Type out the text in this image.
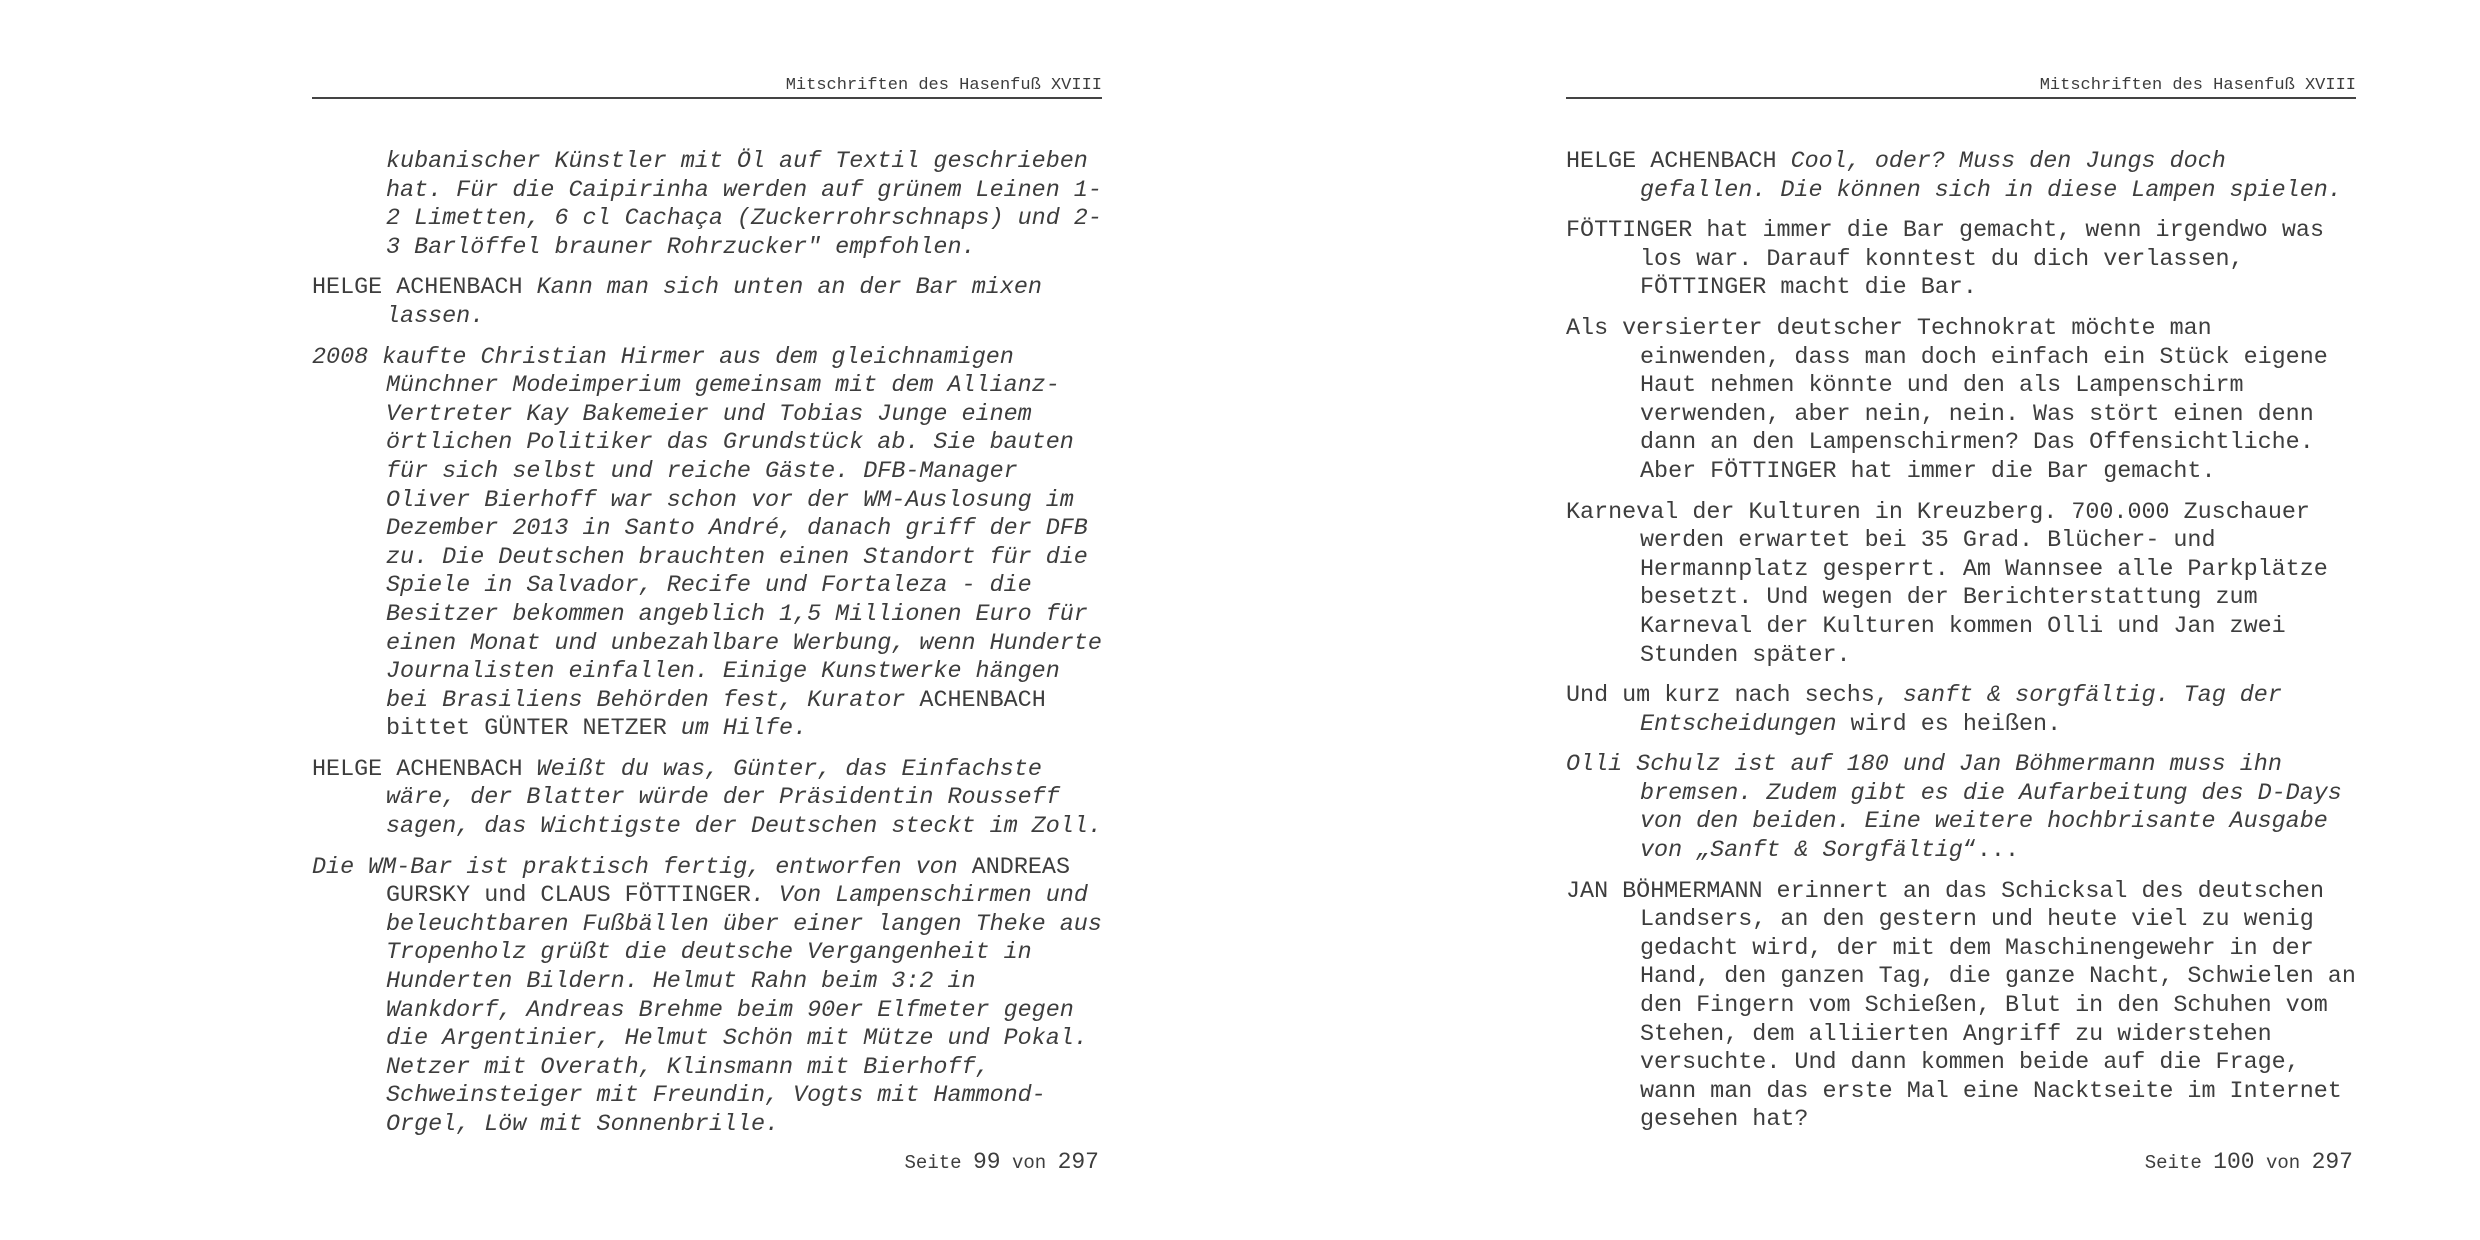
Mitschriften des Hasenfuß XVIII

kubanischer Künstler mit Öl auf Textil geschrieben hat. Für die Caipirinha werden auf grünem Leinen 1-2 Limetten, 6 cl Cachaça (Zuckerrohrschnaps) und 2-3 Barlöffel brauner Rohrzucker" empfohlen.

HELGE ACHENBACH Kann man sich unten an der Bar mixen lassen.

2008 kaufte Christian Hirmer aus dem gleichnamigen Münchner Modeimperium gemeinsam mit dem Allianz- Vertreter Kay Bakemeier und Tobias Junge einem örtlichen Politiker das Grundstück ab. Sie bauten für sich selbst und reiche Gäste. DFB-Manager Oliver Bierhoff war schon vor der WM-Auslosung im Dezember 2013 in Santo André, danach griff der DFB zu. Die Deutschen brauchten einen Standort für die Spiele in Salvador, Recife und Fortaleza - die Besitzer bekommen angeblich 1,5 Millionen Euro für einen Monat und unbezahlbare Werbung, wenn Hunderte Journalisten einfallen. Einige Kunstwerke hängen bei Brasiliens Behörden fest, Kurator ACHENBACH bittet GÜNTER NETZER um Hilfe.

HELGE ACHENBACH Weißt du was, Günter, das Einfachste wäre, der Blatter würde der Präsidentin Rousseff sagen, das Wichtigste der Deutschen steckt im Zoll.

Die WM-Bar ist praktisch fertig, entworfen von ANDREAS GURSKY und CLAUS FÖTTINGER. Von Lampenschirmen und beleuchtbaren Fußbällen über einer langen Theke aus Tropenholz grüßt die deutsche Vergangenheit in Hunderten Bildern. Helmut Rahn beim 3:2 in Wankdorf, Andreas Brehme beim 90er Elfmeter gegen die Argentinier, Helmut Schön mit Mütze und Pokal. Netzer mit Overath, Klinsmann mit Bierhoff, Schweinsteiger mit Freundin, Vogts mit Hammond-Orgel, Löw mit Sonnenbrille.

Seite 99 von 297
Mitschriften des Hasenfuß XVIII

HELGE ACHENBACH Cool, oder? Muss den Jungs doch gefallen. Die können sich in diese Lampen spielen.

FÖTTINGER hat immer die Bar gemacht, wenn irgendwo was los war. Darauf konntest du dich verlassen, FÖTTINGER macht die Bar.

Als versierter deutscher Technokrat möchte man einwenden, dass man doch einfach ein Stück eigene Haut nehmen könnte und den als Lampenschirm verwenden, aber nein, nein. Was stört einen denn dann an den Lampenschirmen? Das Offensichtliche. Aber FÖTTINGER hat immer die Bar gemacht.

Karneval der Kulturen in Kreuzberg. 700.000 Zuschauer werden erwartet bei 35 Grad. Blücher- und Hermannplatz gesperrt. Am Wannsee alle Parkplätze besetzt. Und wegen der Berichterstattung zum Karneval der Kulturen kommen Olli und Jan zwei Stunden später.

Und um kurz nach sechs, sanft & sorgfältig. Tag der Entscheidungen wird es heißen.

Olli Schulz ist auf 180 und Jan Böhmermann muss ihn bremsen. Zudem gibt es die Aufarbeitung des D-Days von den beiden. Eine weitere hochbrisante Ausgabe von „Sanft & Sorgfältig“...

JAN BÖHMERMANN erinnert an das Schicksal des deutschen Landsers, an den gestern und heute viel zu wenig gedacht wird, der mit dem Maschinengewehr in der Hand, den ganzen Tag, die ganze Nacht, Schwielen an den Fingern vom Schießen, Blut in den Schuhen vom Stehen, dem alliierten Angriff zu widerstehen versuchte. Und dann kommen beide auf die Frage, wann man das erste Mal eine Nacktseite im Internet gesehen hat?

Seite 100 von 297
